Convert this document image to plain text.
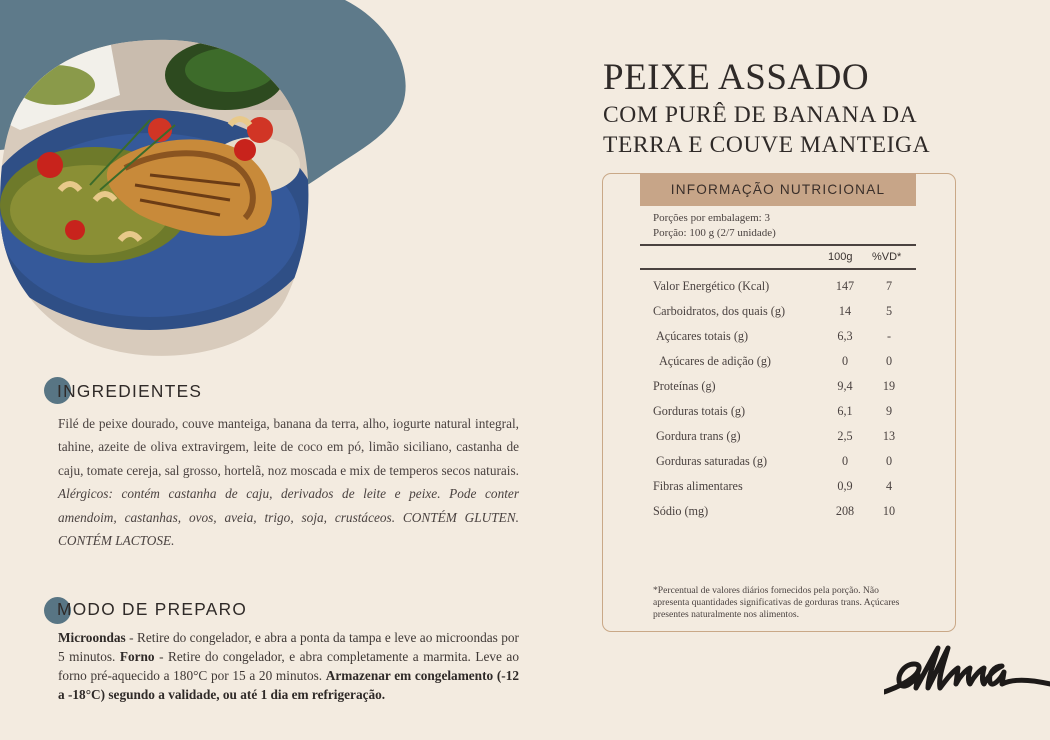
PEIXE ASSADO
COM PURÊ DE BANANA DA
TERRA E COUVE MANTEIGA
INFORMAÇÃO NUTRICIONAL
Porções por embalagem: 3
Porção: 100 g (2/7 unidade)
100g %VD*
Valor Energético (Kcal)	147	7
Carboidratos, dos quais (g)	14	5
Açúcares totais (g)	6,3	-
Açúcares de adição (g)	0	0
Proteínas (g)	9,4	19
Gorduras totais (g)	6,1	9
Gordura trans (g)	2,5	13
Gorduras saturadas (g)	0	0
Fibras alimentares	0,9	4
Sódio (mg)	208	10
*Percentual de valores diários fornecidos pela porção. Não apresenta quantidades significativas de gorduras trans. Açúcares presentes naturalmente nos alimentos.
INGREDIENTES

Filé de peixe dourado, couve manteiga, banana da terra, alho, iogurte natural integral, tahine, azeite de oliva extravirgem, leite de coco em pó, limão siciliano, castanha de caju, tomate cereja, sal grosso, hortelã, noz moscada e mix de temperos secos naturais. Alérgicos: contém castanha de caju, derivados de leite e peixe. Pode conter amendoim, castanhas, ovos, aveia, trigo, soja, crustáceos. CONTÉM GLUTEN. CONTÉM LACTOSE.

MODO DE PREPARO

Microondas - Retire do congelador, e abra a ponta da tampa e leve ao microondas por 5 minutos. Forno - Retire do congelador, e abra completamente a marmita. Leve ao forno pré-aquecido a 180°C por 15 a 20 minutos. Armazenar em congelamento (-12 a -18°C) segundo a validade, ou até 1 dia em refrigeração.
